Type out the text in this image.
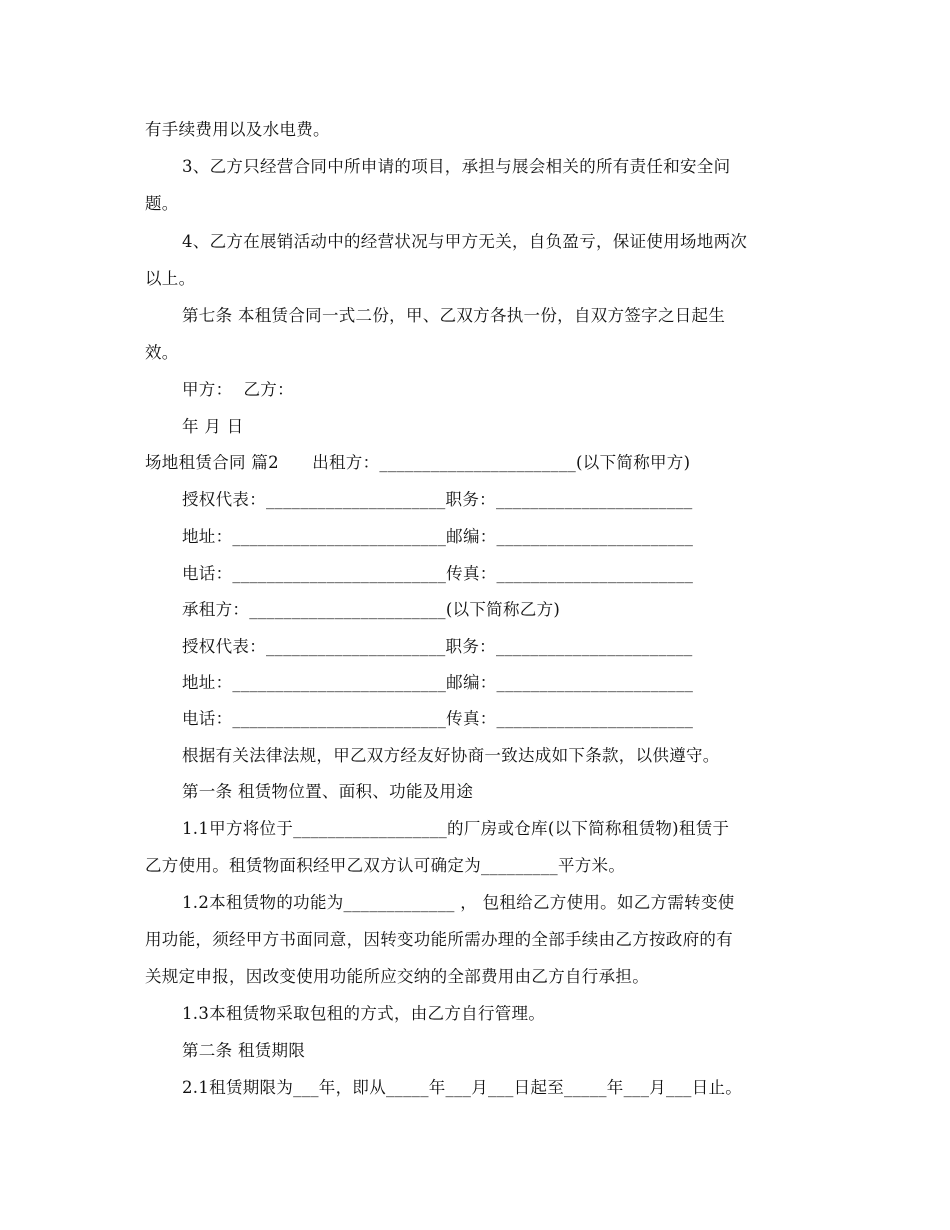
有手续费用以及水电费。
3、乙方只经营合同中所申请的项目，承担与展会相关的所有责任和安全问
题。
4、乙方在展销活动中的经营状况与甲方无关，自负盈亏，保证使用场地两次
以上。
第七条 本租赁合同一式二份，甲、乙双方各执一份，自双方签字之日起生
效。
甲方：  乙方：
年 月 日
场地租赁合同 篇2      出租方：_______________________(以下简称甲方)
授权代表：_____________________职务：_______________________
地址：_________________________邮编：_______________________
电话：_________________________传真：_______________________
承租方：_______________________(以下简称乙方)
授权代表：_____________________职务：_______________________
地址：_________________________邮编：_______________________
电话：_________________________传真：_______________________
根据有关法律法规，甲乙双方经友好协商一致达成如下条款，以供遵守。
第一条 租赁物位置、面积、功能及用途
1.1甲方将位于__________________的厂房或仓库(以下简称租赁物)租赁于
乙方使用。租赁物面积经甲乙双方认可确定为_________平方米。
1.2本租赁物的功能为_____________ ， 包租给乙方使用。如乙方需转变使
用功能，须经甲方书面同意，因转变功能所需办理的全部手续由乙方按政府的有
关规定申报，因改变使用功能所应交纳的全部费用由乙方自行承担。
1.3本租赁物采取包租的方式，由乙方自行管理。
第二条 租赁期限
2.1租赁期限为___年，即从_____年___月___日起至_____年___月___日止。
